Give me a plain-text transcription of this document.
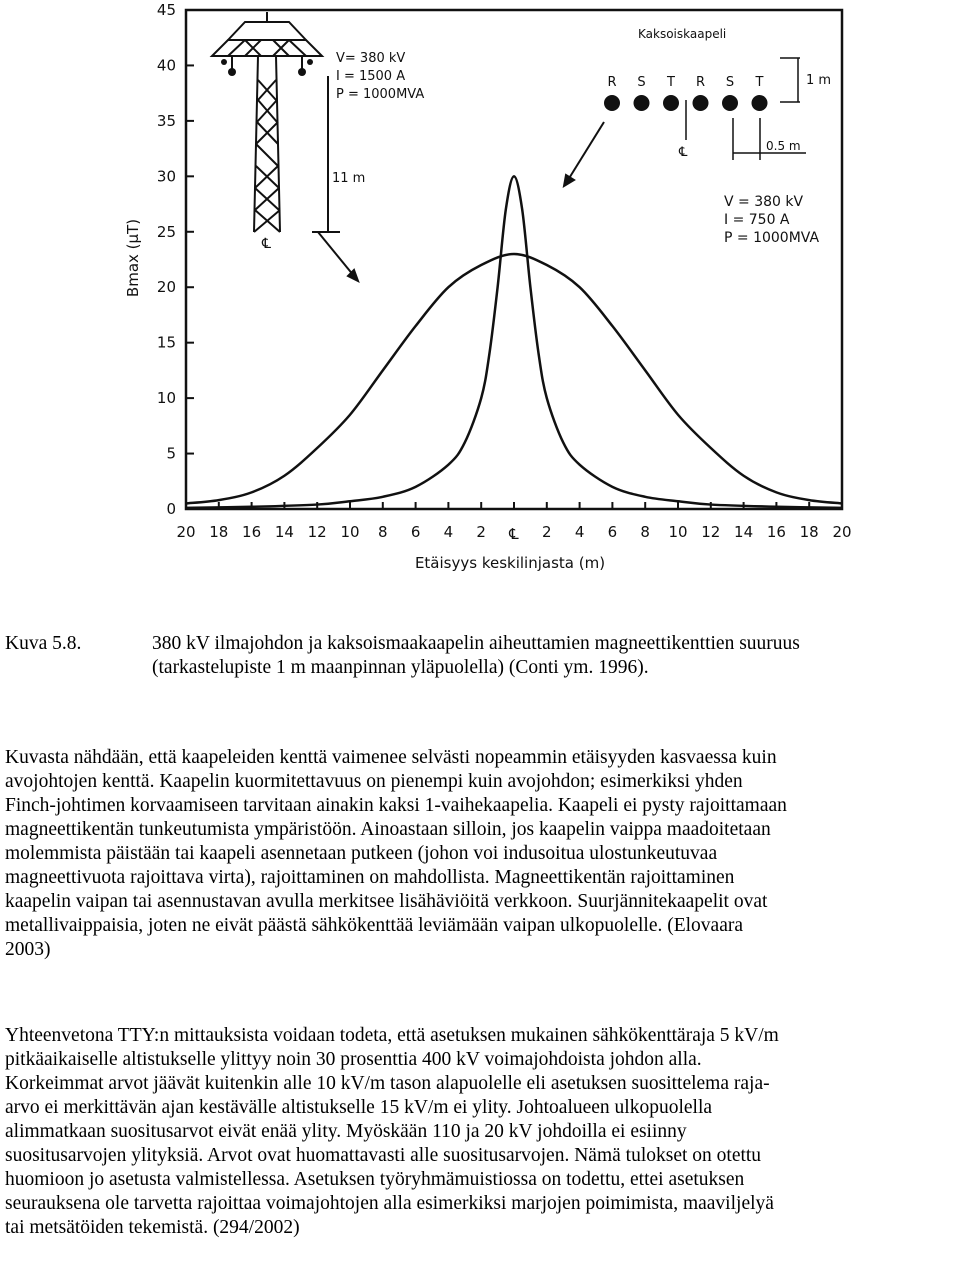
0
5
10
15
20
25
30
35
40
45
20 18 16 14 12 10 8 6 4 2 ℄ 2 4 6 8 10 12 14 16 18 20
Bmax (µT)
Etäisyys keskilinjasta (m)
11 m
℄
V= 380 kV
I = 1500 A
P = 1000MVA
Kaksoiskaapeli
R S T R S T
℄
1 m
0.5 m
V = 380 kV
I = 750 A
P = 1000MVA
Kuva 5.8.	380 kV ilmajohdon ja kaksoismaakaapelin aiheuttamien magneettikenttien suuruus
(tarkastelupiste 1 m maanpinnan yläpuolella) (Conti ym. 1996).

Kuvasta nähdään, että kaapeleiden kenttä vaimenee selvästi nopeammin etäisyyden kasvaessa kuin
avojohtojen kenttä. Kaapelin kuormitettavuus on pienempi kuin avojohdon; esimerkiksi yhden
Finch-johtimen korvaamiseen tarvitaan ainakin kaksi 1-vaihekaapelia. Kaapeli ei pysty rajoittamaan
magneettikentän tunkeutumista ympäristöön. Ainoastaan silloin, jos kaapelin vaippa maadoitetaan
molemmista päistään tai kaapeli asennetaan putkeen (johon voi indusoitua ulostunkeutuvaa
magneettivuota rajoittava virta), rajoittaminen on mahdollista. Magneettikentän rajoittaminen
kaapelin vaipan tai asennustavan avulla merkitsee lisähäviöitä verkkoon. Suurjännitekaapelit ovat
metallivaippaisia, joten ne eivät päästä sähkökenttää leviämään vaipan ulkopuolelle. (Elovaara
2003)

Yhteenvetona TTY:n mittauksista voidaan todeta, että asetuksen mukainen sähkökenttäraja 5 kV/m
pitkäaikaiselle altistukselle ylittyy noin 30 prosenttia 400 kV voimajohdoista johdon alla.
Korkeimmat arvot jäävät kuitenkin alle 10 kV/m tason alapuolelle eli asetuksen suosittelema raja-
arvo ei merkittävän ajan kestävälle altistukselle 15 kV/m ei ylity. Johtoalueen ulkopuolella
alimmatkaan suositusarvot eivät enää ylity. Myöskään 110 ja 20 kV johdoilla ei esiinny
suositusarvojen ylityksiä. Arvot ovat huomattavasti alle suositusarvojen. Nämä tulokset on otettu
huomioon jo asetusta valmistellessa. Asetuksen työryhmämuistiossa on todettu, ettei asetuksen
seurauksena ole tarvetta rajoittaa voimajohtojen alla esimerkiksi marjojen poimimista, maaviljelyä
tai metsätöiden tekemistä. (294/2002)
